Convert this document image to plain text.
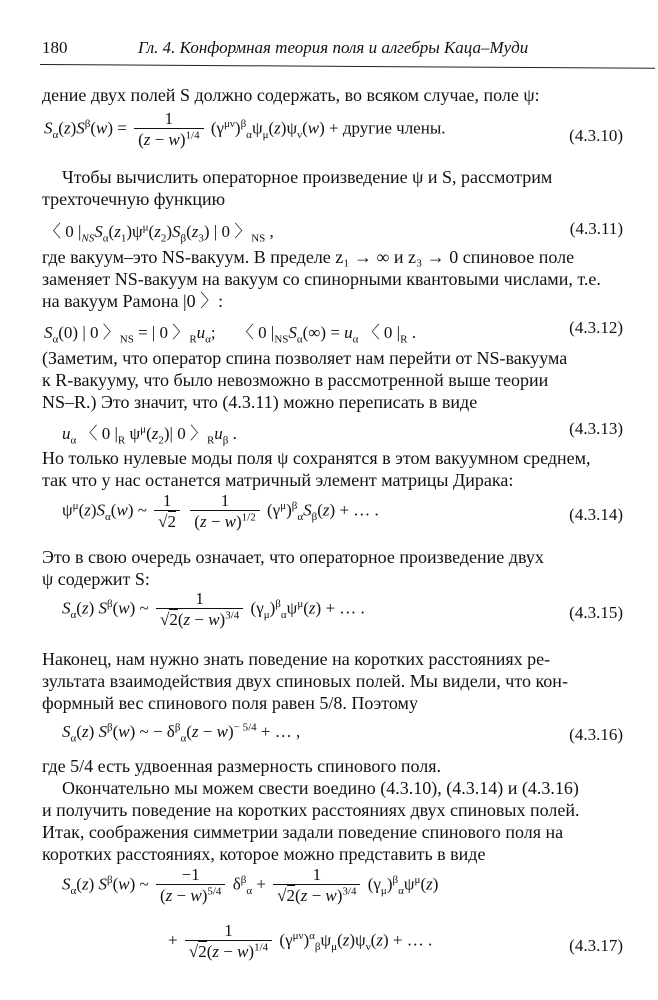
180	Гл. 4. Конформная теория поля и алгебры Каца–Муди
дение двух полей S должно содержать, во всяком случае, поле ψ:
$S_\alpha(z)S^\beta(w) = \frac{1}{(z - w)^{1/4}} (\gamma^{\mu\nu})^\beta_\alpha\psi_\mu(z)\psi_\nu(w)$ + другие члены.	(4.3.10)
Чтобы вычислить операторное произведение ψ и S, рассмотрим
трехточечную функцию
〈 0 $|_{NS}S_\alpha(z_1)\psi^\mu(z_2)S_\beta(z_3)$ | 0 〉$_{NS}$ ,	(4.3.11)
где вакуум–это NS-вакуум. В пределе z₁ → ∞ и z₃ → 0 спиновое поле
заменяет NS-вакуум на вакуум со спинорными квантовыми числами, т.е.
на вакуум Рамона |0 〉:
$S_\alpha(0)$ | 0 〉$_{NS}$ = | 0 〉$_Ru_\alpha$;     〈 0 $|_{NS}S_\alpha(\infty) = u_\alpha$ 〈 0 $|_R$ .	(4.3.12)
(Заметим, что оператор спина позволяет нам перейти от NS-вакуума
к R-вакууму, что было невозможно в рассмотренной выше теории
NS–R.) Это значит, что (4.3.11) можно переписать в виде
$u_\alpha$ 〈 0 $|_R$ $\psi^\mu(z_2)|$ 0 〉$_Ru_\beta$ .	(4.3.13)
Но только нулевые моды поля ψ сохранятся в этом вакуумном среднем,
так что у нас останется матричный элемент матрицы Дирака:
$\psi^\mu(z)S_\alpha(w)$ ~ $\frac{1}{√2}$
$\frac{1}{(z - w)^{1/2}} (\gamma^\mu)^\beta_\alpha S_\beta(z)$ + … .	(4.3.14)
Это в свою очередь означает, что операторное произведение двух
ψ содержит S:
$S_\alpha(z)$ $S^\beta(w)$ ~ $\frac{1}{√2(z - w)^{3/4}} (\gamma_\mu)^\beta_\alpha\psi^\mu(z)$ + … .	(4.3.15)
Наконец, нам нужно знать поведение на коротких расстояниях ре-
зультата взаимодействия двух спиновых полей. Мы видели, что кон-
формный вес спинового поля равен 5/8. Поэтому
$S_\alpha(z)$ $S^\beta(w)$ ~ − $\delta^\beta_\alpha(z - w)^{- 5/4}$ + … ,	(4.3.16)
где 5/4 есть удвоенная размерность спинового поля.
Окончательно мы можем свести воедино (4.3.10), (4.3.14) и (4.3.16)
и получить поведение на коротких расстояниях двух спиновых полей.
Итак, соображения симметрии задали поведение спинового поля на
коротких расстояниях, которое можно представить в виде
$S_\alpha(z)$ $S^\beta(w)$ ~ $\frac{-1}{(z - w)^{5/4}} \delta^\beta_\alpha + \frac{1}{√2(z - w)^{3/4}} (\gamma_\mu)^\beta_\alpha\psi^\mu(z)$
+ $\frac{1}{√2(z - w)^{1/4}} (\gamma^{\mu\nu})^\alpha_\beta\psi_\mu(z)\psi_\nu(z)$ + … .	(4.3.17)
